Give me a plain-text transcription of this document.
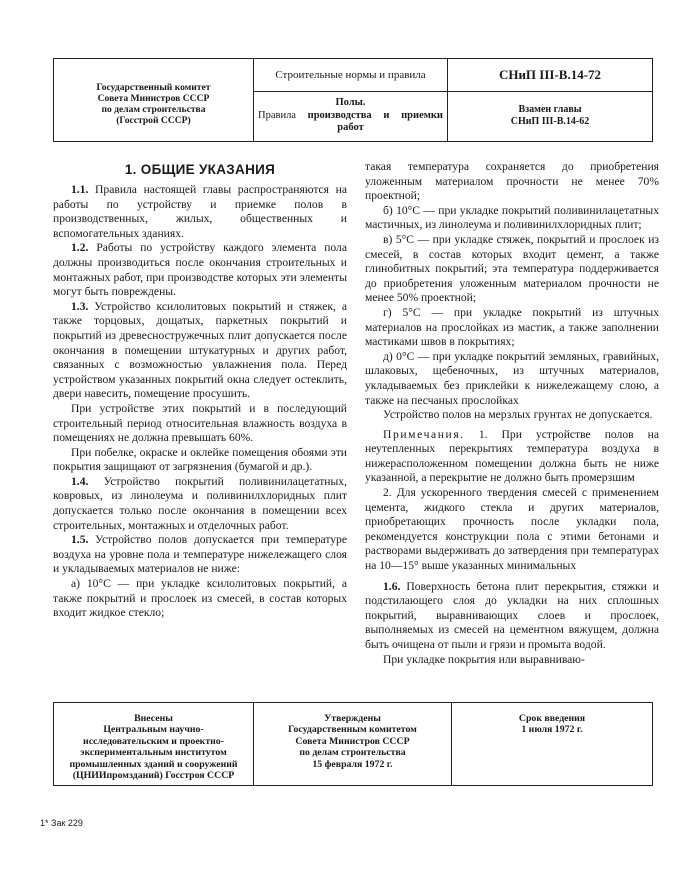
Государственный комитет
Совета Министров СССР
по делам строительства
(Госстрой СССР)
Строительные нормы и правила	СНиП III-В.14-72
Полы.
Правила производства и приемки
работ
Взамен главы
СНиП III-В.14-62
1. ОБЩИЕ УКАЗАНИЯ

1.1. Правила настоящей главы распространяются на работы по устройству и приемке полов в производственных, жилых, общественных и вспомогательных зданиях.

1.2. Работы по устройству каждого элемента пола должны производиться после окончания строительных и монтажных работ, при производстве которых эти элементы могут быть повреждены.

1.3. Устройство ксилолитовых покрытий и стяжек, а также торцовых, дощатых, паркетных покрытий и покрытий из древесностружечных плит допускается после окончания в помещении штукатурных и других работ, связанных с возможностью увлажнения пола. Перед устройством указанных покрытий окна следует остеклить, двери навесить, помещение просушить.

При устройстве этих покрытий и в последующий строительный период относительная влажность воздуха в помещениях не должна превышать 60%.

При побелке, окраске и оклейке помещения обоями эти покрытия защищают от загрязнения (бумагой и др.).

1.4. Устройство покрытий поливинилацетатных, ковровых, из линолеума и поливинилхлоридных плит допускается только после окончания в помещении всех строительных, монтажных и отделочных работ.

1.5. Устройство полов допускается при температуре воздуха на уровне пола и температуре нижележащего слоя и укладываемых материалов не ниже:

а) 10°С — при укладке ксилолитовых покрытий, а также покрытий и прослоек из смесей, в состав которых входит жидкое стекло;

такая температура сохраняется до приобретения уложенным материалом прочности не менее 70% проектной;

б) 10°С — при укладке покрытий поливинилацетатных мастичных, из линолеума и поливинилхлоридных плит;

в) 5°С — при укладке стяжек, покрытий и прослоек из смесей, в состав которых входит цемент, а также глинобитных покрытий; эта температура поддерживается до приобретения уложенным материалом прочности не менее 50% проектной;

г) 5°С — при укладке покрытий из штучных материалов на прослойках из мастик, а также заполнении мастиками швов в покрытиях;

д) 0°С — при укладке покрытий земляных, гравийных, шлаковых, щебеночных, из штучных материалов, укладываемых без приклейки к нижележащему слою, а также на песчаных прослойках

Устройство полов на мерзлых грунтах не допускается.

Примечания. 1. При устройстве полов на неутепленных перекрытиях температура воздуха в нижерасположенном помещении должна быть не ниже указанной, а перекрытие не должно быть промерзшим

2. Для ускоренного твердения смесей с применением цемента, жидкого стекла и других материалов, приобретающих прочность после укладки пола, рекомендуется конструкции пола с этими бетонами и растворами выдерживать до затвердения при температурах на 10—15° выше указанных минимальных

1.6. Поверхность бетона плит перекрытия, стяжки и подстилающего слоя до укладки на них сплошных покрытий, выравнивающих слоев и прослоек, выполняемых из смесей на цементном вяжущем, должна быть очищена от пыли и грязи и промыта водой.

При укладке покрытия или выравниваю-

Внесены
Центральным научно-
исследовательским и проектно-
экспериментальным институтом
промышленных зданий и сооружений
(ЦНИИпромзданий) Госстроя СССР
Утверждены
Государственным комитетом
Совета Министров СССР
по делам строительства
15 февраля 1972 г.
Срок введения
1 июля 1972 г.
1* Зак 229
